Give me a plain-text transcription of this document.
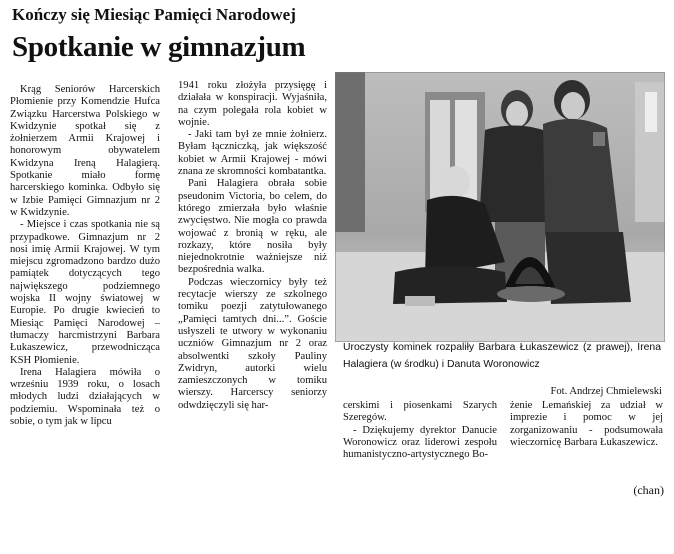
Kończy się Miesiąc Pamięci Narodowej
Spotkanie w gimnazjum

Krąg Seniorów Harcerskich Płomienie przy Komendzie Hufca Związku Harcerstwa Polskiego w Kwidzynie spotkał się z żołnierzem Armii Krajowej i honorowym obywatelem Kwidzyna Ireną Halagierą. Spotkanie miało formę harcerskiego kominka. Odbyło się w Izbie Pamięci Gimnazjum nr 2 w Kwidzynie.

- Miejsce i czas spotkania nie są przypadkowe. Gimnazjum nr 2 nosi imię Armii Krajowej. W tym miejscu zgromadzono bardzo dużo pamiątek dotyczących tego największego podziemnego wojska II wojny światowej w Europie. Po drugie kwiecień to Miesiąc Pamięci Narodowej – tłumaczy harcmistrzyni Barbara Łukaszewicz, przewodnicząca KSH Płomienie.

Irena Halagiera mówiła o wrześniu 1939 roku, o losach młodych ludzi działających w podziemiu. Wspominała też o sobie, o tym jak w lipcu

1941 roku złożyła przysięgę i działała w konspiracji. Wyjaśniła, na czym polegała rola kobiet w wojnie.

- Jaki tam był ze mnie żołnierz. Byłam łączniczką, jak większość kobiet w Armii Krajowej - mówi znana ze skromności kombatantka.

Pani Halagiera obrała sobie pseudonim Victoria, bo celem, do którego zmierzała było właśnie zwycięstwo. Nie mogła co prawda wojować z bronią w ręku, ale rozkazy, które nosiła były niejednokrotnie ważniejsze niż bezpośrednia walka.

Podczas wieczornicy były też recytacje wierszy ze szkolnego tomiku poezji zatytułowanego „Pamięci tamtych dni...”. Goście usłyszeli te utwory w wykonaniu uczniów Gimnazjum nr 2 oraz absolwentki szkoły Pauliny Zwidryn, autorki wielu zamieszczonych w tomiku wierszy. Harcerscy seniorzy odwdzięczyli się har-

Uroczysty kominek rozpaliły Barbara Łukaszewicz (z prawej), Irena Halagiera (w środku) i Danuta Woronowicz
Fot. Andrzej Chmielewski

cerskimi i piosenkami Szarych Szeregów.

- Dziękujemy dyrektor Danucie Woronowicz oraz liderowi zespołu humanistyczno-artystycznego Bo-

żenie Lemańskiej za udział w imprezie i pomoc w jej zorganizowaniu - podsumowała wieczornicę Barbara Łukaszewicz.

(chan)
